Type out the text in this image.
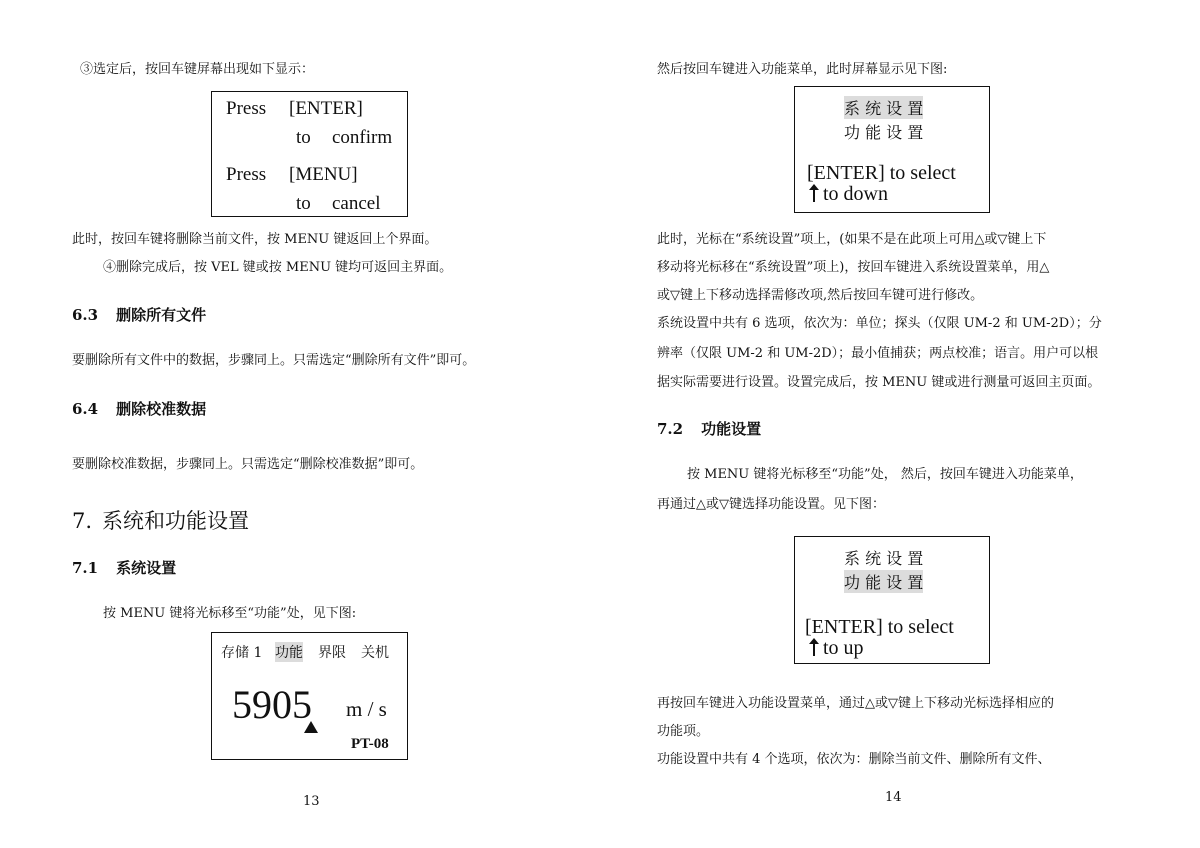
③选定后，按回车键屏幕出现如下显示：
Press [ENTER]
to confirm
Press [MENU]
to cancel
此时，按回车键将删除当前文件，按 MENU 键返回上个界面。
④删除完成后，按 VEL 键或按 MENU 键均可返回主界面。
6.3 删除所有文件
要删除所有文件中的数据，步骤同上。只需选定“删除所有文件”即可。
6.4 删除校准数据
要删除校准数据，步骤同上。只需选定“删除校准数据”即可。
7. 系统和功能设置
7.1 系统设置
按 MENU 键将光标移至“功能”处，见下图:
存储 1 功能 界限 关机
5905 m / s
PT-08
13
然后按回车键进入功能菜单，此时屏幕显示见下图:
系 统 设 置
功 能 设 置
[ENTER] to select
to down
此时，光标在“系统设置”项上，(如果不是在此项上可用△或▽键上下
移动将光标移在“系统设置”项上)，按回车键进入系统设置菜单，用△
或▽键上下移动选择需修改项,然后按回车键可进行修改。
系统设置中共有 6 选项，依次为：单位；探头（仅限 UM-2 和 UM-2D）；分
辨率（仅限 UM-2 和 UM-2D）；最小值捕获；两点校准；语言。用户可以根
据实际需要进行设置。设置完成后，按 MENU 键或进行测量可返回主页面。
7.2 功能设置
按 MENU 键将光标移至“功能”处， 然后，按回车键进入功能菜单，
再通过△或▽键选择功能设置。见下图：
系 统 设 置
功 能 设 置
[ENTER] to select
to up
再按回车键进入功能设置菜单，通过△或▽键上下移动光标选择相应的
功能项。
功能设置中共有 4 个选项，依次为：删除当前文件、删除所有文件、
14
